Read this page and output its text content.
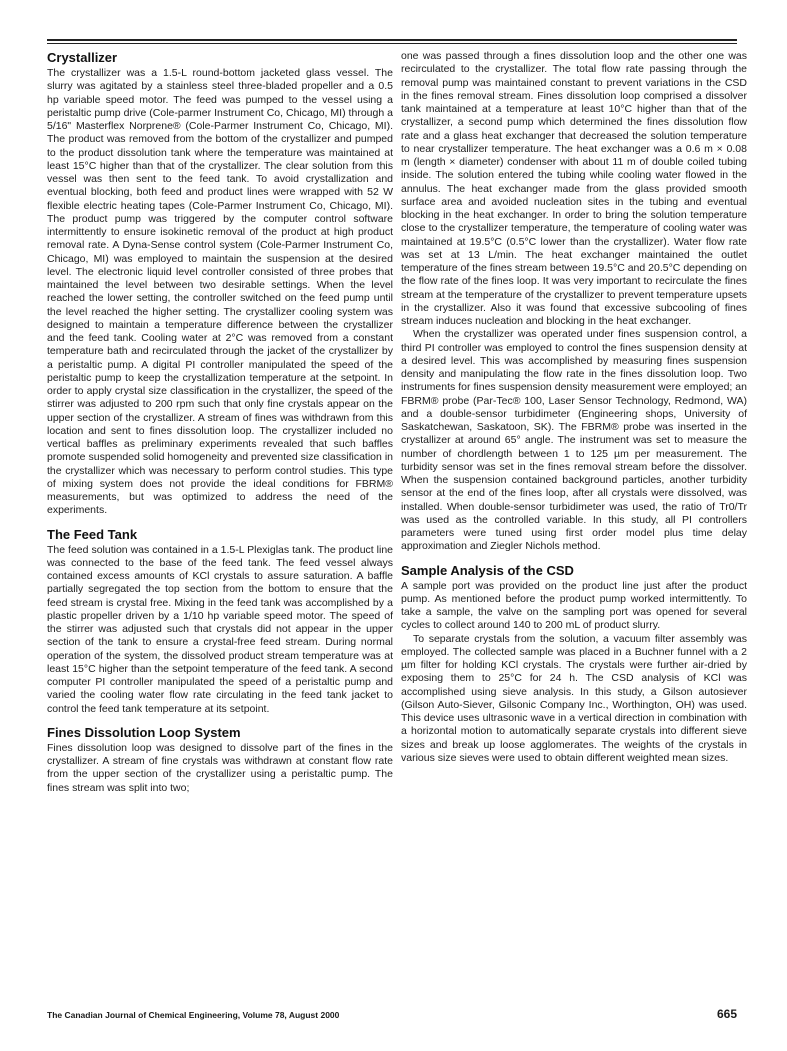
Crystallizer

The crystallizer was a 1.5-L round-bottom jacketed glass vessel. The slurry was agitated by a stainless steel three-bladed propeller and a 0.5 hp variable speed motor. The feed was pumped to the vessel using a peristaltic pump drive (Cole-parmer Instrument Co, Chicago, MI) through a 5/16" Masterflex Norprene® (Cole-Parmer Instrument Co, Chicago, MI). The product was removed from the bottom of the crystallizer and pumped to the product dissolution tank where the temperature was maintained at least 15°C higher than that of the crystallizer. The clear solution from this vessel was then sent to the feed tank. To avoid crystallization and eventual blocking, both feed and product lines were wrapped with 52 W flexible electric heating tapes (Cole-Parmer Instrument Co, Chicago, MI). The product pump was triggered by the computer control software intermittently to ensure isokinetic removal of the product at high product removal rate. A Dyna-Sense control system (Cole-Parmer Instrument Co, Chicago, MI) was employed to maintain the suspension at the desired level. The electronic liquid level controller consisted of three probes that maintained the level between two desirable settings. When the level reached the lower setting, the controller switched on the feed pump until the level reached the higher setting. The crystallizer cooling system was designed to maintain a temperature difference between the crystallizer and the feed tank. Cooling water at 2°C was removed from a constant temperature bath and recirculated through the jacket of the crystallizer by a peristaltic pump. A digital PI controller manipulated the speed of the peristaltic pump to keep the crystallization temperature at the setpoint. In order to apply crystal size classification in the crystallizer, the speed of the stirrer was adjusted to 200 rpm such that only fine crystals appear on the upper section of the crystallizer. A stream of fines was withdrawn from this location and sent to fines dissolution loop. The crystallizer included no vertical baffles as preliminary experiments revealed that such baffles promote suspended solid homogeneity and prevented size classification in the crystallizer which was necessary to perform control studies. This type of mixing system does not provide the ideal conditions for FBRM® measurements, but was optimized to address the need of the experiments.

The Feed Tank

The feed solution was contained in a 1.5-L Plexiglas tank. The product line was connected to the base of the feed tank. The feed vessel always contained excess amounts of KCl crystals to assure saturation. A baffle partially segregated the top section from the bottom to ensure that the feed stream is crystal free. Mixing in the feed tank was accomplished by a plastic propeller driven by a 1/10 hp variable speed motor. The speed of the stirrer was adjusted such that crystals did not appear in the upper section of the tank to ensure a crystal-free feed stream. During normal operation of the system, the dissolved product stream temperature was at least 15°C higher than the setpoint temperature of the feed tank. A second computer PI controller manipulated the speed of a peristaltic pump and varied the cooling water flow rate circulating in the feed tank jacket to control the feed tank temperature at its setpoint.

Fines Dissolution Loop System

Fines dissolution loop was designed to dissolve part of the fines in the crystallizer. A stream of fine crystals was withdrawn at constant flow rate from the upper section of the crystallizer using a peristaltic pump. The fines stream was split into two;

one was passed through a fines dissolution loop and the other one was recirculated to the crystallizer. The total flow rate passing through the removal pump was maintained constant to prevent variations in the CSD in the fines removal stream. Fines dissolution loop comprised a dissolver tank maintained at a temperature at least 10°C higher than that of the crystallizer, a second pump which determined the fines dissolution flow rate and a glass heat exchanger that decreased the solution temperature to near crystallizer temperature. The heat exchanger was a 0.6 m × 0.08 m (length × diameter) condenser with about 11 m of double coiled tubing inside. The solution entered the tubing while cooling water flowed in the annulus. The heat exchanger made from the glass provided smooth surface area and avoided nucleation sites in the tubing and eventual blocking in the heat exchanger. In order to bring the solution temperature close to the crystallizer temperature, the temperature of cooling water was maintained at 19.5°C (0.5°C lower than the crystallizer). Water flow rate was set at 13 L/min. The heat exchanger maintained the outlet temperature of the fines stream between 19.5°C and 20.5°C depending on the flow rate of the fines loop. It was very important to recirculate the fines stream at the temperature of the crystallizer to prevent temperature upsets in the crystallizer. Also it was found that excessive subcooling of fines stream induces nucleation and blocking in the heat exchanger.

When the crystallizer was operated under fines suspension control, a third PI controller was employed to control the fines suspension density at a desired level. This was accomplished by measuring fines suspension density and manipulating the flow rate in the fines dissolution loop. Two instruments for fines suspension density measurement were employed; an FBRM® probe (Par-Tec® 100, Laser Sensor Technology, Redmond, WA) and a double-sensor turbidimeter (Engineering shops, University of Saskatchewan, Saskatoon, SK). The FBRM® probe was inserted in the crystallizer at around 65° angle. The instrument was set to measure the number of chordlength between 1 to 125 µm per measurement. The turbidity sensor was set in the fines removal stream before the dissolver. When the suspension contained background particles, another turbidity sensor at the end of the fines loop, after all crystals were dissolved, was installed. When double-sensor turbidimeter was used, the ratio of Tr0/Tr was used as the controlled variable. In this study, all PI controllers parameters were tuned using first order model plus time delay approximation and Ziegler Nichols method.

Sample Analysis of the CSD

A sample port was provided on the product line just after the product pump. As mentioned before the product pump worked intermittently. To take a sample, the valve on the sampling port was opened for several cycles to collect around 140 to 200 mL of product slurry.

To separate crystals from the solution, a vacuum filter assembly was employed. The collected sample was placed in a Buchner funnel with a 2 µm filter for holding KCl crystals. The crystals were further air-dried by exposing them to 25°C for 24 h. The CSD analysis of KCl was accomplished using sieve analysis. In this study, a Gilson autosiever (Gilson Auto-Siever, Gilsonic Company Inc., Worthington, OH) was used. This device uses ultrasonic wave in a vertical direction in combination with a horizontal motion to automatically separate crystals into different sieve sizes and break up loose agglomerates. The weights of the crystals in various size sieves were used to obtain different weighted mean sizes.

The Canadian Journal of Chemical Engineering, Volume 78, August 2000	665
